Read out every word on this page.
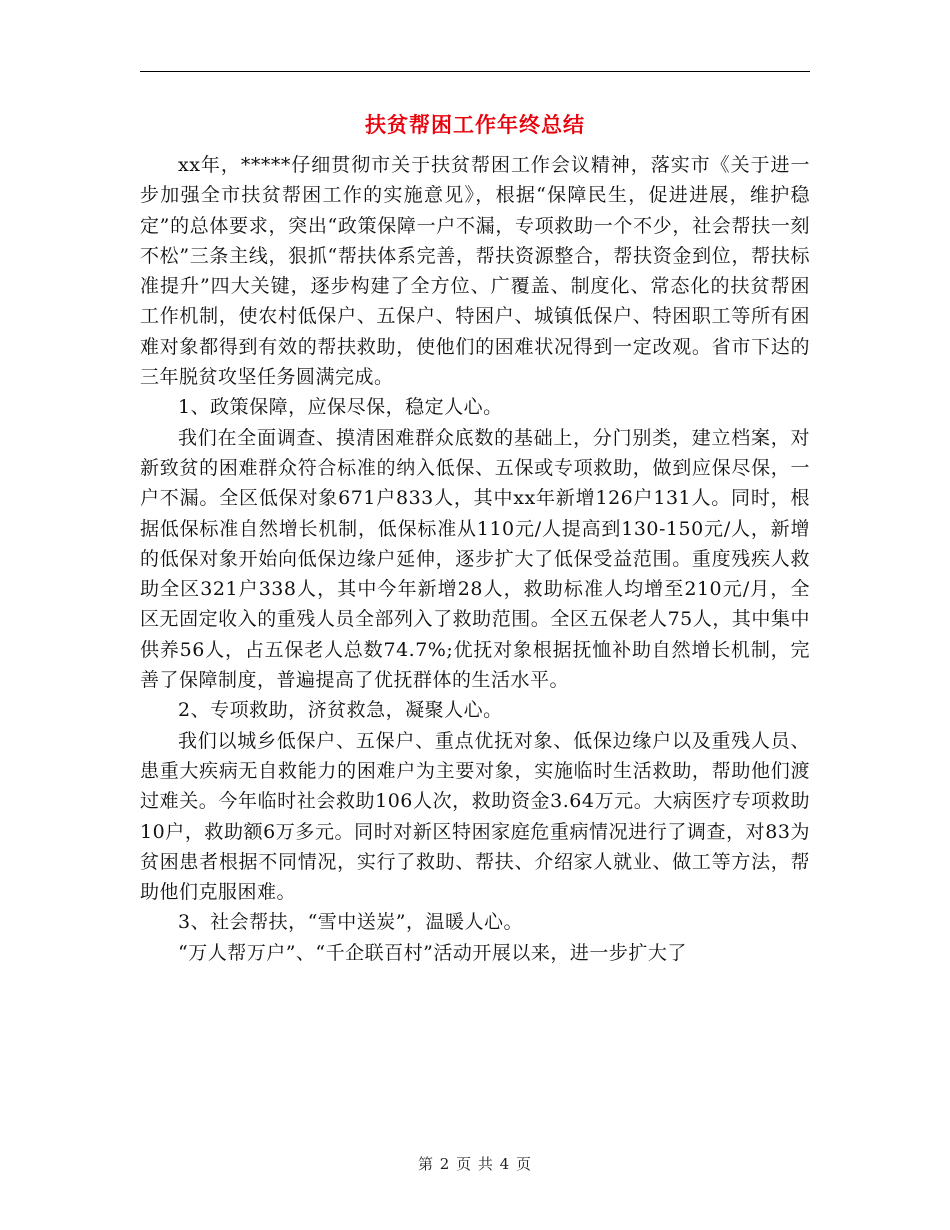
扶贫帮困工作年终总结

xx年，*****仔细贯彻市关于扶贫帮困工作会议精神，落实市《关于进一步加强全市扶贫帮困工作的实施意见》，根据“保障民生，促进进展，维护稳定”的总体要求，突出“政策保障一户不漏，专项救助一个不少，社会帮扶一刻不松”三条主线，狠抓“帮扶体系完善，帮扶资源整合，帮扶资金到位，帮扶标准提升”四大关键，逐步构建了全方位、广覆盖、制度化、常态化的扶贫帮困工作机制，使农村低保户、五保户、特困户、城镇低保户、特困职工等所有困难对象都得到有效的帮扶救助，使他们的困难状况得到一定改观。省市下达的三年脱贫攻坚任务圆满完成。

1、政策保障，应保尽保，稳定人心。

我们在全面调查、摸清困难群众底数的基础上，分门别类，建立档案，对新致贫的困难群众符合标准的纳入低保、五保或专项救助，做到应保尽保，一户不漏。全区低保对象671户833人，其中xx年新增126户131人。同时，根据低保标准自然增长机制，低保标准从110元/人提高到130-150元/人，新增的低保对象开始向低保边缘户延伸，逐步扩大了低保受益范围。重度残疾人救助全区321户338人，其中今年新增28人，救助标准人均增至210元/月，全区无固定收入的重残人员全部列入了救助范围。全区五保老人75人，其中集中供养56人，占五保老人总数74.7%;优抚对象根据抚恤补助自然增长机制，完善了保障制度，普遍提高了优抚群体的生活水平。

2、专项救助，济贫救急，凝聚人心。

我们以城乡低保户、五保户、重点优抚对象、低保边缘户以及重残人员、患重大疾病无自救能力的困难户为主要对象，实施临时生活救助，帮助他们渡过难关。今年临时社会救助106人次，救助资金3.64万元。大病医疗专项救助10户，救助额6万多元。同时对新区特困家庭危重病情况进行了调查，对83为贫困患者根据不同情况，实行了救助、帮扶、介绍家人就业、做工等方法，帮助他们克服困难。

3、社会帮扶，“雪中送炭”，温暖人心。

“万人帮万户”、“千企联百村”活动开展以来，进一步扩大了

第 2 页 共 4 页
